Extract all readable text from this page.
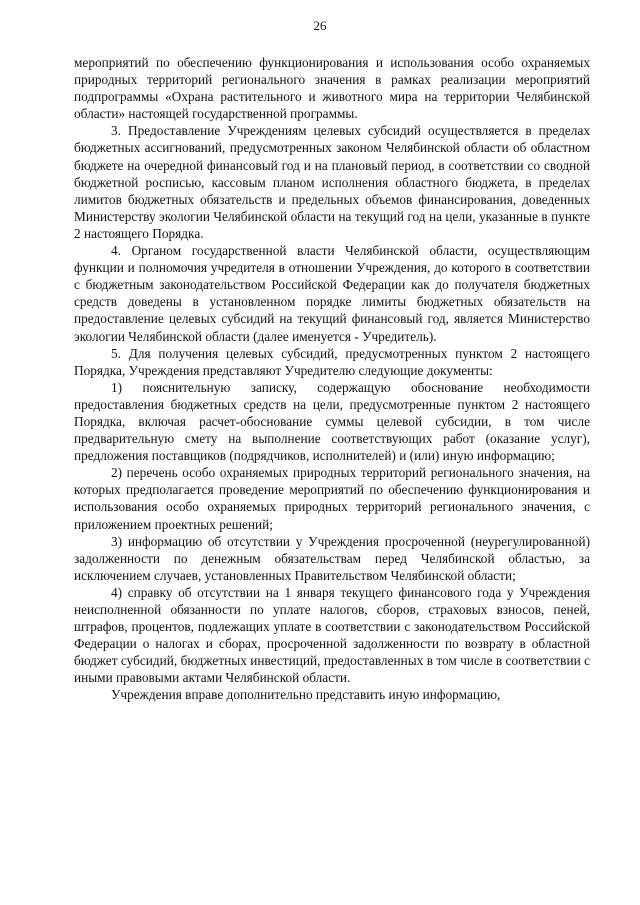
26

мероприятий по обеспечению функционирования и использования особо охраняемых природных территорий регионального значения в рамках реализации мероприятий подпрограммы «Охрана растительного и животного мира на территории Челябинской области» настоящей государственной программы.

3. Предоставление Учреждениям целевых субсидий осуществляется в пределах бюджетных ассигнований, предусмотренных законом Челябинской области об областном бюджете на очередной финансовый год и на плановый период, в соответствии со сводной бюджетной росписью, кассовым планом исполнения областного бюджета, в пределах лимитов бюджетных обязательств и предельных объемов финансирования, доведенных Министерству экологии Челябинской области на текущий год на цели, указанные в пункте 2 настоящего Порядка.

4. Органом государственной власти Челябинской области, осуществляющим функции и полномочия учредителя в отношении Учреждения, до которого в соответствии с бюджетным законодательством Российской Федерации как до получателя бюджетных средств доведены в установленном порядке лимиты бюджетных обязательств на предоставление целевых субсидий на текущий финансовый год, является Министерство экологии Челябинской области (далее именуется - Учредитель).

5. Для получения целевых субсидий, предусмотренных пунктом 2 настоящего Порядка, Учреждения представляют Учредителю следующие документы:

1) пояснительную записку, содержащую обоснование необходимости предоставления бюджетных средств на цели, предусмотренные пунктом 2 настоящего Порядка, включая расчет-обоснование суммы целевой субсидии, в том числе предварительную смету на выполнение соответствующих работ (оказание услуг), предложения поставщиков (подрядчиков, исполнителей) и (или) иную информацию;

2) перечень особо охраняемых природных территорий регионального значения, на которых предполагается проведение мероприятий по обеспечению функционирования и использования особо охраняемых природных территорий регионального значения, с приложением проектных решений;

3) информацию об отсутствии у Учреждения просроченной (неурегулированной) задолженности по денежным обязательствам перед Челябинской областью, за исключением случаев, установленных Правительством Челябинской области;

4) справку об отсутствии на 1 января текущего финансового года у Учреждения неисполненной обязанности по уплате налогов, сборов, страховых взносов, пеней, штрафов, процентов, подлежащих уплате в соответствии с законодательством Российской Федерации о налогах и сборах, просроченной задолженности по возврату в областной бюджет субсидий, бюджетных инвестиций, предоставленных в том числе в соответствии с иными правовыми актами Челябинской области.

Учреждения вправе дополнительно представить иную информацию,
